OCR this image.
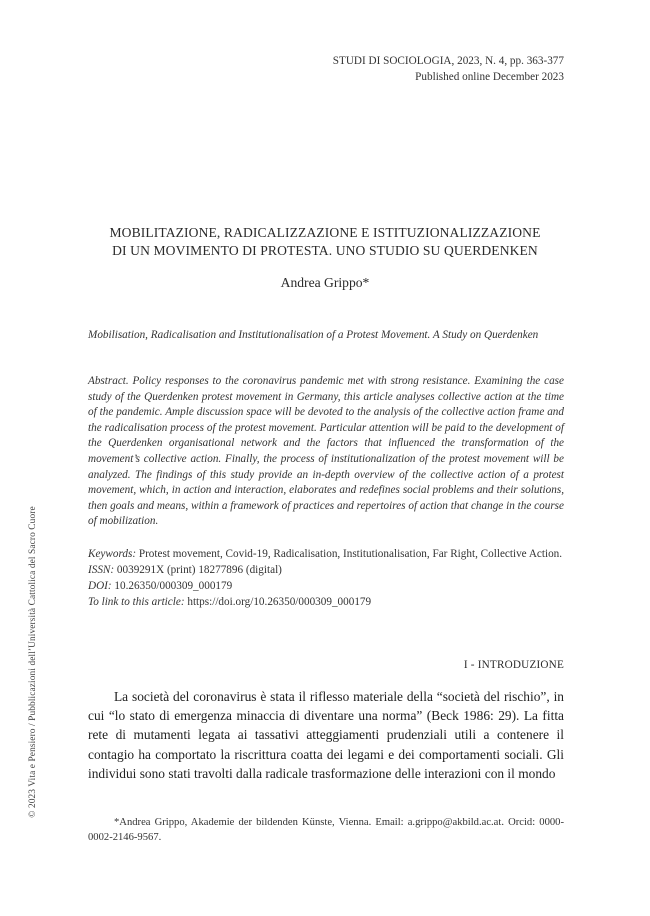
STUDI DI SOCIOLOGIA, 2023, N. 4, pp. 363-377
Published online December 2023
MOBILITAZIONE, RADICALIZZAZIONE E ISTITUZIONALIZZAZIONE
DI UN MOVIMENTO DI PROTESTA. UNO STUDIO SU QUERDENKEN
Andrea Grippo*
Mobilisation, Radicalisation and Institutionalisation of a Protest Movement. A Study on Querdenken
Abstract. Policy responses to the coronavirus pandemic met with strong resistance. Examining the case study of the Querdenken protest movement in Germany, this article analyses collective action at the time of the pandemic. Ample discussion space will be devoted to the analysis of the collective action frame and the radicalisation process of the protest movement. Particular attention will be paid to the development of the Querdenken organisational network and the factors that influenced the transformation of the movement’s collective action. Finally, the process of institutionalization of the protest movement will be analyzed. The findings of this study provide an in-depth overview of the collective action of a protest movement, which, in action and interaction, elaborates and redefines social problems and their solutions, then goals and means, within a framework of practices and repertoires of action that change in the course of mobilization.
Keywords: Protest movement, Covid-19, Radicalisation, Institutionalisation, Far Right, Collective Action.
ISSN: 0039291X (print) 18277896 (digital)
DOI: 10.26350/000309_000179
To link to this article: https://doi.org/10.26350/000309_000179
I - INTRODUZIONE

La società del coronavirus è stata il riflesso materiale della “società del rischio”, in cui “lo stato di emergenza minaccia di diventare una norma” (Beck 1986: 29). La fitta rete di mutamenti legata ai tassativi atteggiamenti prudenziali utili a contenere il contagio ha comportato la riscrittura coatta dei legami e dei comportamenti sociali. Gli individui sono stati travolti dalla radicale trasformazione delle interazioni con il mondo

*Andrea Grippo, Akademie der bildenden Künste, Vienna. Email: a.grippo@akbild.ac.at. Orcid: 0000-0002-2146-9567.

© 2023 Vita e Pensiero / Pubblicazioni dell’Università Cattolica del Sacro Cuore
